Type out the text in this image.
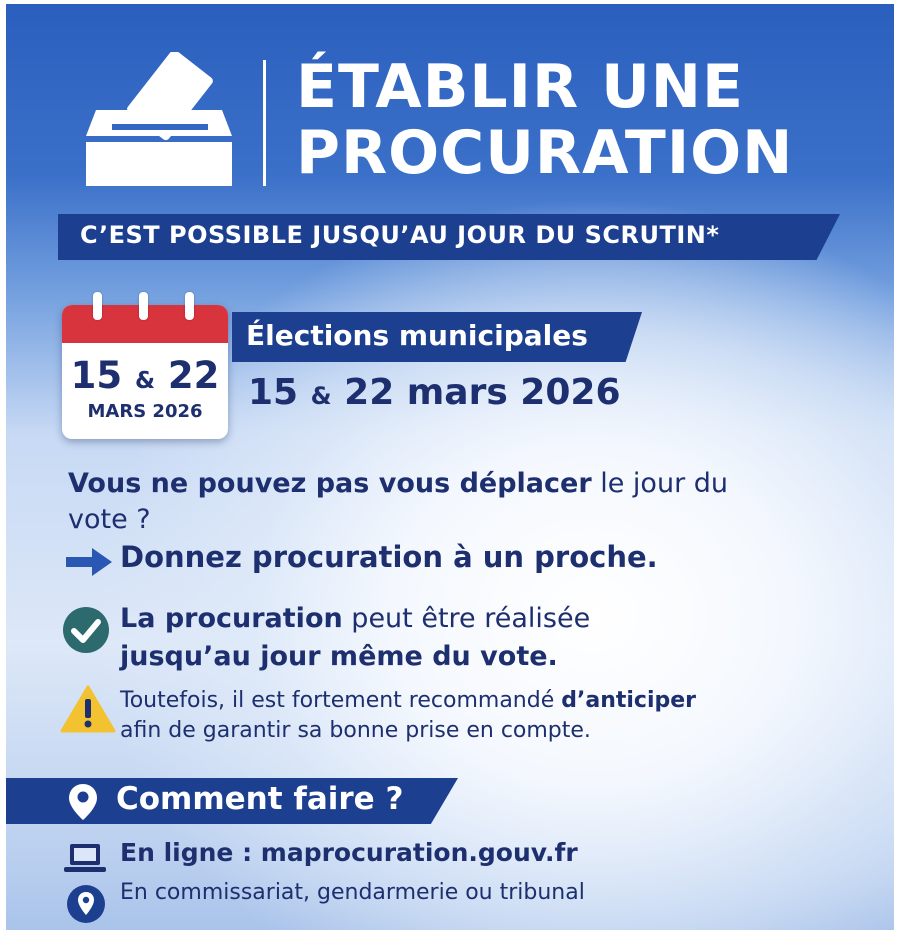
ÉTABLIR UNE
PROCURATION
C’EST POSSIBLE JUSQU’AU JOUR DU SCRUTIN*
15 & 22
MARS 2026
Élections municipales
15 & 22 mars 2026
Vous ne pouvez pas vous déplacer le jour du vote ?
Donnez procuration à un proche.
La procuration peut être réalisée
jusqu’au jour même du vote.
Toutefois, il est fortement recommandé d’anticiper
afin de garantir sa bonne prise en compte.
Comment faire ?
En ligne : maprocuration.gouv.fr
En commissariat, gendarmerie ou tribunal
